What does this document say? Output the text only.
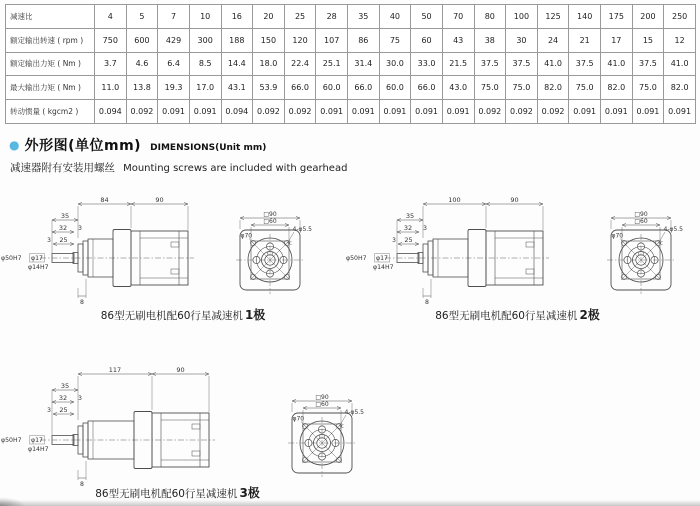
减速比	4	5	7	10	16	20	25	28	35	40	50	70	80	100	125	140	175	200	250
额定输出转速 ( rpm )	750	600	429	300	188	150	120	107	86	75	60	43	38	30	24	21	17	15	12
额定输出力矩 ( Nm )	3.7	4.6	6.4	8.5	14.4	18.0	22.4	25.1	31.4	30.0	33.0	21.5	37.5	37.5	41.0	37.5	41.0	37.5	41.0
最大输出力矩 ( Nm )	11.0	13.8	19.3	17.0	43.1	53.9	66.0	60.0	66.0	60.0	66.0	43.0	75.0	75.0	82.0	75.0	82.0	75.0	82.0
转动惯量 ( kgcm2 )	0.094	0.092	0.091	0.091	0.094	0.092	0.092	0.091	0.091	0.091	0.091	0.091	0.092	0.092	0.092	0.091	0.091	0.091	0.091
● 外形图(单位mm) DIMENSIONS(Unit mm)
减速器附有安装用螺丝 Mounting screws are included with gearhead
84	90
35
32 3
3 25
φ50H7 φ17
φ14H7
8
□90
□60
φ70
4-φ5.5
100	90
35
32 3
3 25
φ50H7 φ17
φ14H7
8
□90
□60
φ70
4-φ5.5
117	90
35
32 3
3 25
φ50H7 φ17
φ14H7
8
□90
□60
φ70
4-φ5.5
86型无刷电机配60行星减速机 1极	86型无刷电机配60行星减速机 2极
86型无刷电机配60行星减速机 3极
